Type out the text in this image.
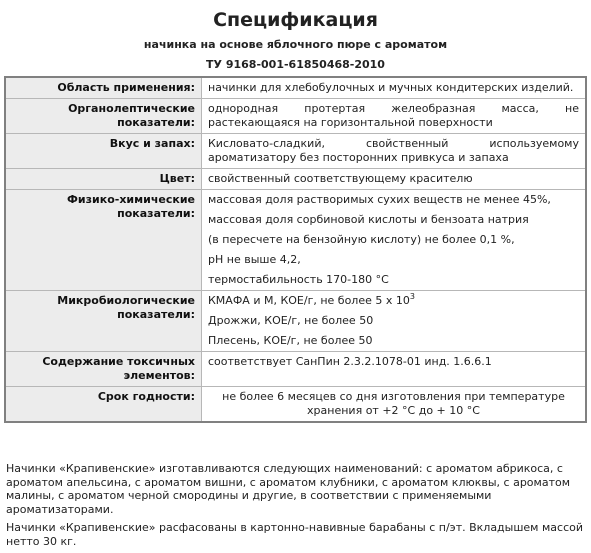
Спецификация
начинка на основе яблочного пюре с ароматом
ТУ 9168-001-61850468-2010
Область применения:	начинки для хлебобулочных и мучных кондитерских изделий.
Органолептические показатели:	однородная протертая желеобразная масса, не растекающаяся на горизонтальной поверхности
Вкус и запах:	Кисловато-сладкий, свойственный используемому ароматизатору без посторонних привкуса и запаха
Цвет:	свойственный соответствующему красителю
Физико-химические показатели:	массовая доля растворимых сухих веществ не менее 45%,

массовая доля сорбиновой кислоты и бензоата натрия

(в пересчете на бензойную кислоту) не более 0,1 %,

pH не выше 4,2,

термостабильность 170-180 °С

Микробиологические показатели:	КМАФА и М, КОЕ/г, не более 5 х $10^3$

Дрожжи, КОЕ/г, не более 50

Плесень, КОЕ/г, не более 50

Содержание токсичных элементов:	соответствует СанПин 2.3.2.1078-01 инд. 1.6.6.1
Срок годности:	не более 6 месяцев со дня изготовления при температуре хранения от +2 °С до + 10 °С

Начинки «Крапивенские» изготавливаются следующих наименований: с ароматом абрикоса, с ароматом апельсина, с ароматом вишни, с ароматом клубники, с ароматом клюквы, с ароматом малины, с ароматом черной смородины и другие, в соответствии с применяемыми ароматизаторами.

Начинки «Крапивенские» расфасованы в картонно-навивные барабаны с п/эт. Вкладышем массой нетто 30 кг.
